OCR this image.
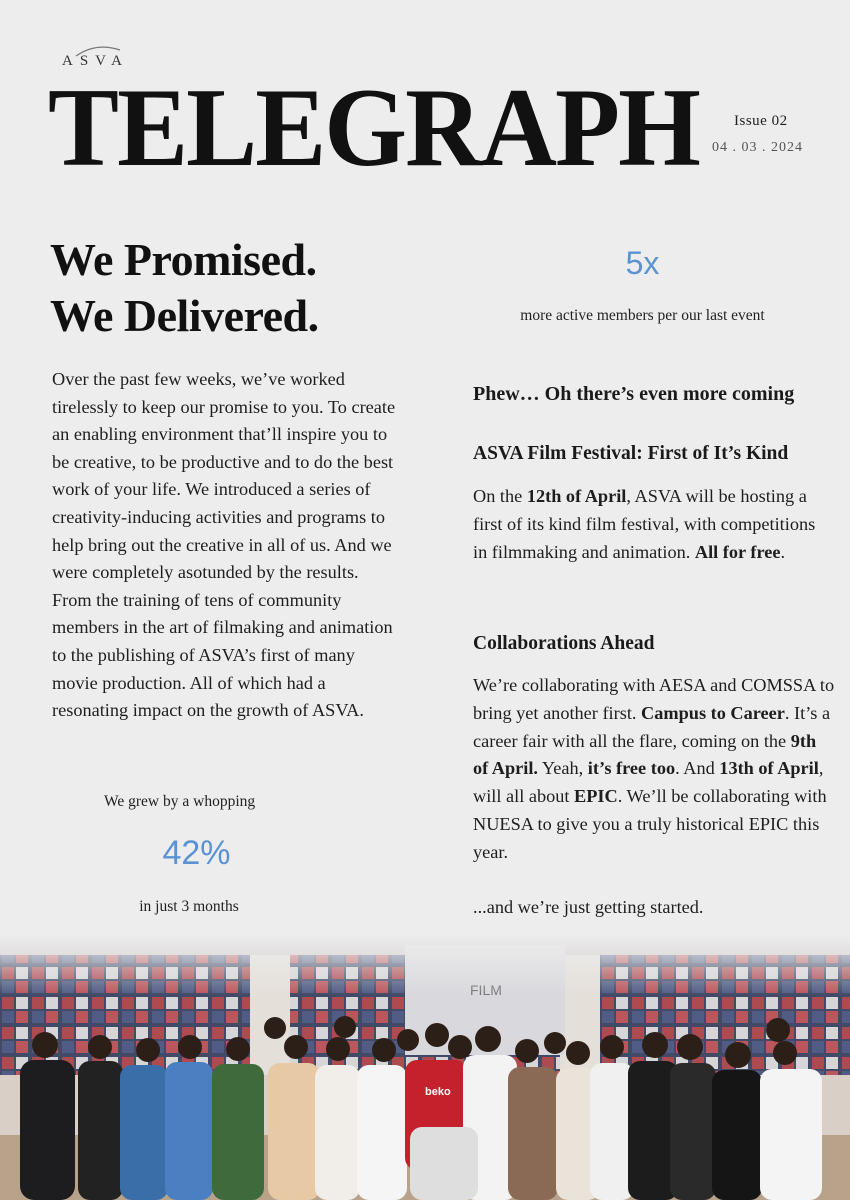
ASVA
TELEGRAPH Issue 02
04 . 03 . 2024
We Promised.
We Delivered.
Over the past few weeks, we’ve worked tirelessly to keep our promise to you. To create an enabling environment that’ll inspire you to be creative, to be productive and to do the best work of your life. We introduced a series of creativity-inducing activities and programs to help bring out the creative in all of us. And we were completely asotunded by the results. From the training of tens of community members in the art of filmaking and animation to the publishing of ASVA’s first of many movie production. All of which had a resonating impact on the growth of ASVA.
We grew by a whopping
42%
in just 3 months
5x
more active members per our last event
Phew… Oh there’s even more coming
ASVA Film Festival: First of It’s Kind
On the 12th of April, ASVA will be hosting a first of its kind film festival, with competitions in filmmaking and animation. All for free.
Collaborations Ahead
We’re collaborating with AESA and COMSSA to bring yet another first. Campus to Career. It’s a career fair with all the flare, coming on the 9th of April. Yeah, it’s free too. And 13th of April, will all about EPIC. We’ll be collaborating with NUESA to give you a truly historical EPIC this year.
...and we’re just getting started.
beko
